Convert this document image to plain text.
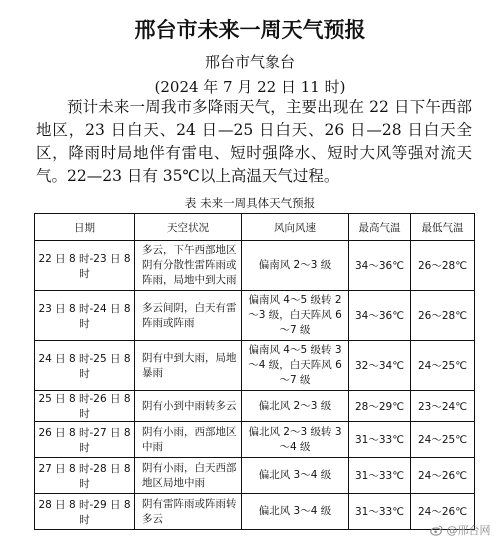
邢台市未来一周天气预报
邢台市气象台
(2024 年 7 月 22 日 11 时)
预计未来一周我市多降雨天气，主要出现在 22 日下午西部地区，23 日白天、24 日—25 日白天、26 日—28 日白天全区，降雨时局地伴有雷电、短时强降水、短时大风等强对流天气。22—23 日有 35℃以上高温天气过程。
表 未来一周具体天气预报
日期	天空状况	风向风速	最高气温	最低气温
22 日 8 时-23 日 8 时	多云，下午西部地区阴有分散性雷阵雨或阵雨，局地中到大雨	偏南风 2～3 级	34～36℃	26～28℃
23 日 8 时-24 日 8 时	多云间阴，白天有雷阵雨或阵雨	偏南风 4～5 级转 2～3 级，白天阵风 6～7 级	34～36℃	26～28℃
24 日 8 时-25 日 8 时	阴有中到大雨，局地暴雨	偏南风 4～5 级转 3～4 级，白天阵风 6～7 级	32～34℃	24～25℃
25 日 8 时-26 日 8 时	阴有小到中雨转多云	偏北风 2～3 级	28～29℃	23～24℃
26 日 8 时-27 日 8 时	阴有小雨，西部地区中雨	偏北风 2～3 级转 3～4 级	31～33℃	24～25℃
27 日 8 时-28 日 8 时	阴有小雨，白天西部地区局地中雨	偏北风 3～4 级	31～33℃	24～26℃
28 日 8 时-29 日 8 时	阴有雷阵雨或阵雨转多云	偏北风 3～4 级	31～33℃	24～26℃
@邢台网
